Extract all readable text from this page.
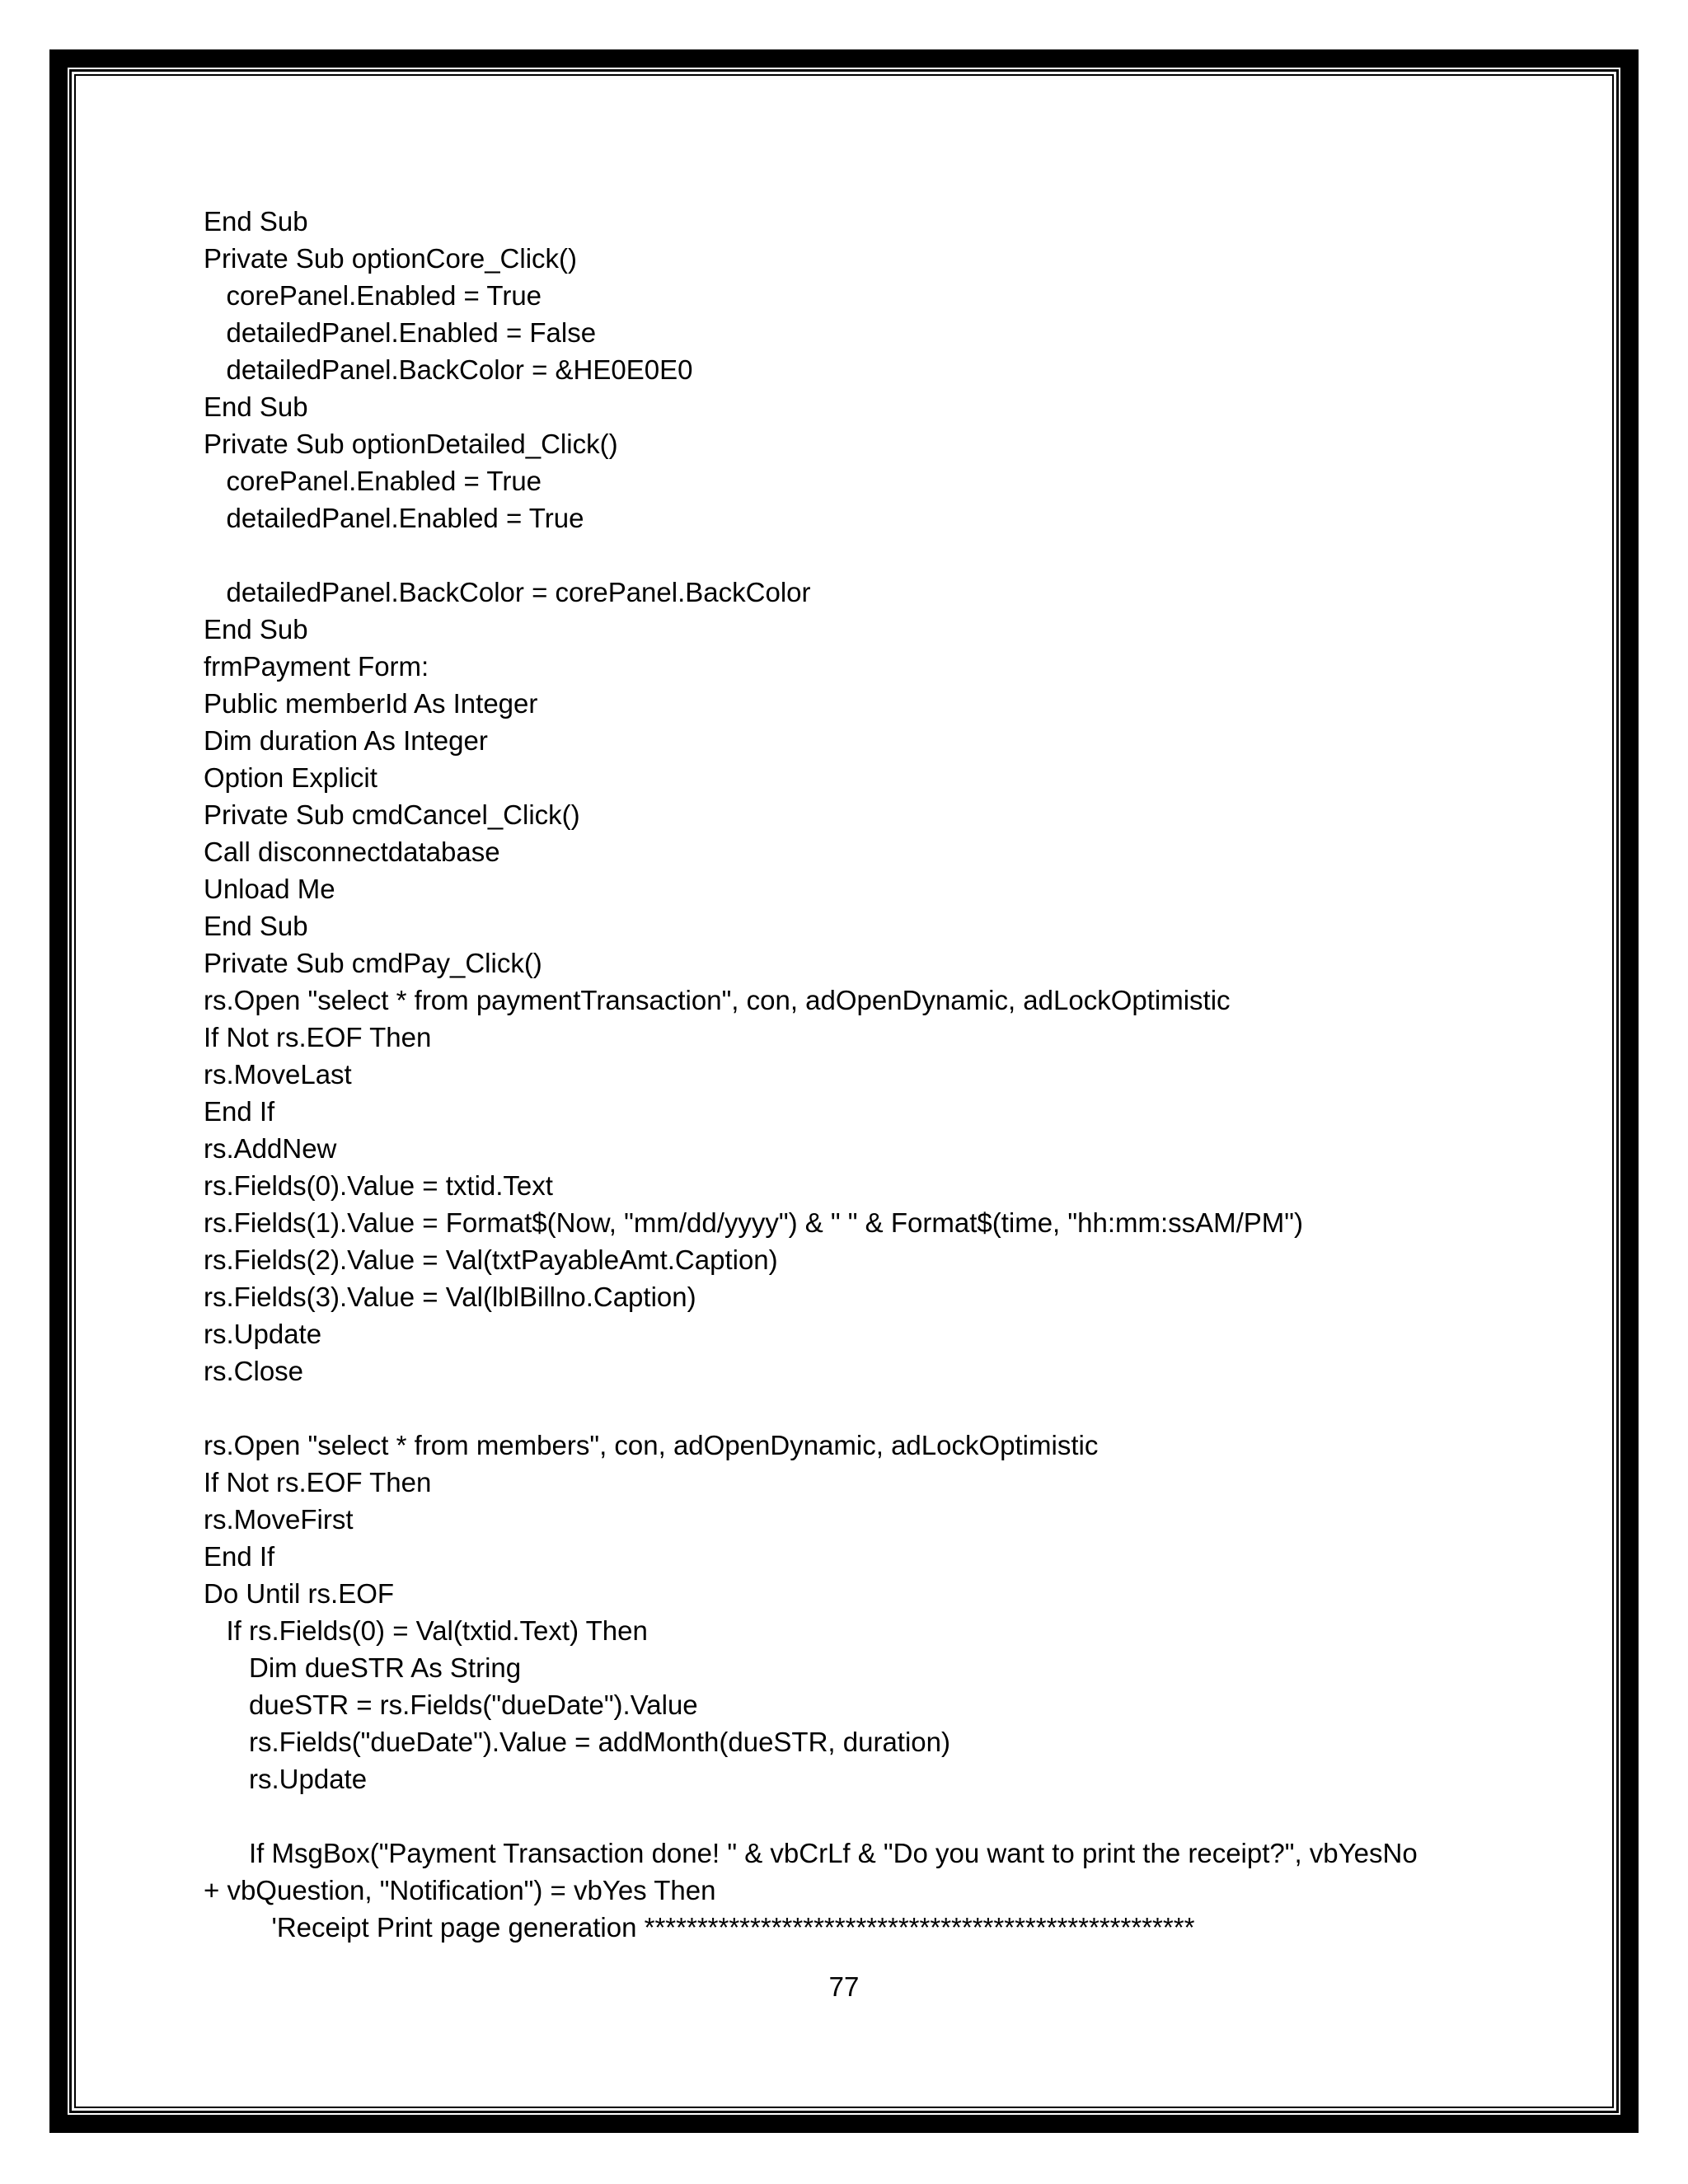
End Sub
Private Sub optionCore_Click()
corePanel.Enabled = True
detailedPanel.Enabled = False
detailedPanel.BackColor = &HE0E0E0
End Sub
Private Sub optionDetailed_Click()
corePanel.Enabled = True
detailedPanel.Enabled = True
detailedPanel.BackColor = corePanel.BackColor
End Sub
frmPayment Form:
Public memberId As Integer
Dim duration As Integer
Option Explicit
Private Sub cmdCancel_Click()
Call disconnectdatabase
Unload Me
End Sub
Private Sub cmdPay_Click()
rs.Open "select * from paymentTransaction", con, adOpenDynamic, adLockOptimistic
If Not rs.EOF Then
rs.MoveLast
End If
rs.AddNew
rs.Fields(0).Value = txtid.Text
rs.Fields(1).Value = Format$(Now, "mm/dd/yyyy") & " " & Format$(time, "hh:mm:ssAM/PM")
rs.Fields(2).Value = Val(txtPayableAmt.Caption)
rs.Fields(3).Value = Val(lblBillno.Caption)
rs.Update
rs.Close
rs.Open "select * from members", con, adOpenDynamic, adLockOptimistic
If Not rs.EOF Then
rs.MoveFirst
End If
Do Until rs.EOF
If rs.Fields(0) = Val(txtid.Text) Then
Dim dueSTR As String
dueSTR = rs.Fields("dueDate").Value
rs.Fields("dueDate").Value = addMonth(dueSTR, duration)
rs.Update
If MsgBox("Payment Transaction done! " & vbCrLf & "Do you want to print the receipt?", vbYesNo
+ vbQuestion, "Notification") = vbYes Then
'Receipt Print page generation ****************************************************
77
